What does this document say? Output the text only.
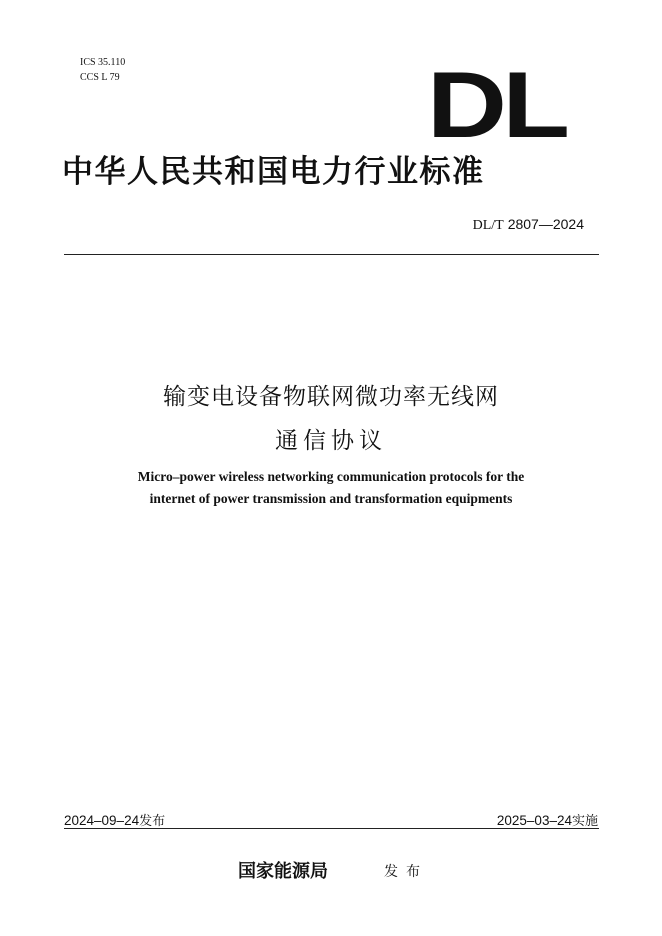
ICS 35.110
CCS L 79	DL
中华人民共和国电力行业标准
DL/T 2807—2024
输变电设备物联网微功率无线网
通信协议
Micro–power wireless networking communication protocols for the
internet of power transmission and transformation equipments
2024–09–24发布	2025–03–24实施
国家能源局	发布
